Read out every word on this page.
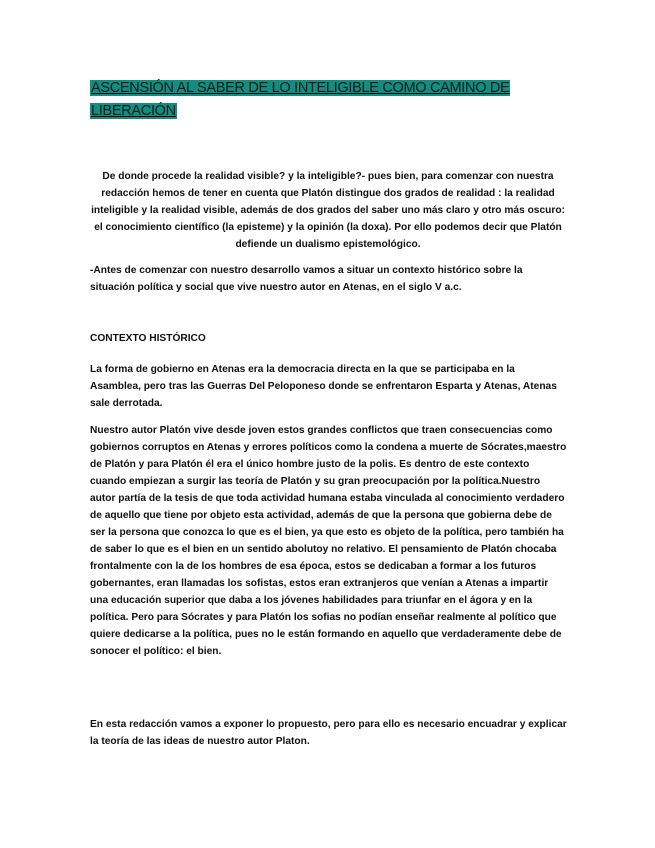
ASCENSIÓN AL SABER DE LO INTELIGIBLE COMO CAMINO DE LIBERACIÓN

De donde procede la realidad visible? y la inteligible?- pues bien, para comenzar con nuestra redacción hemos de tener en cuenta que Platón distingue dos grados de realidad : la realidad inteligible y la realidad visible, además de dos grados del saber uno más claro y otro más oscuro: el conocimiento científico (la episteme) y la opinión (la doxa). Por ello podemos decir que Platón defiende un dualismo epistemológico.

-Antes de comenzar con nuestro desarrollo vamos a situar un contexto histórico sobre la situación política y social que vive nuestro autor en Atenas, en el siglo V a.c.

CONTEXTO HISTÓRICO

La forma de gobierno en Atenas era la democracia directa en la que se participaba en la Asamblea, pero tras las Guerras Del Peloponeso donde se enfrentaron Esparta y Atenas, Atenas sale derrotada.

Nuestro autor Platón vive desde joven estos grandes conflictos que traen consecuencias como gobiernos corruptos en Atenas y errores políticos como la condena a muerte de Sócrates,maestro de Platón y para Platón él era el único hombre justo de la polis. Es dentro de este contexto cuando empiezan a surgir las teoría de Platón y su gran preocupación por la política.Nuestro autor partía de la tesis de que toda actividad humana estaba vinculada al conocimiento verdadero de aquello que tiene por objeto esta actividad, además de que la persona que gobierna debe de ser la persona que conozca lo que es el bien, ya que esto es objeto de la política, pero también ha de saber lo que es el bien en un sentido abolutoy no relativo. El pensamiento de Platón chocaba frontalmente con la de los hombres de esa época, estos se dedicaban a formar a los futuros gobernantes, eran llamadas los sofistas, estos eran extranjeros que venían a Atenas a impartir una educación superior que daba a los jóvenes habilidades para triunfar en el ágora y en la política. Pero para Sócrates y para Platón los sofias no podían enseñar realmente al político que quiere dedicarse a la política, pues no le están formando en aquello que verdaderamente debe de sonocer el político: el bien.

En esta redacción vamos a exponer lo propuesto, pero para ello es necesario encuadrar y explicar la teoría de las ideas de nuestro autor Platon.
